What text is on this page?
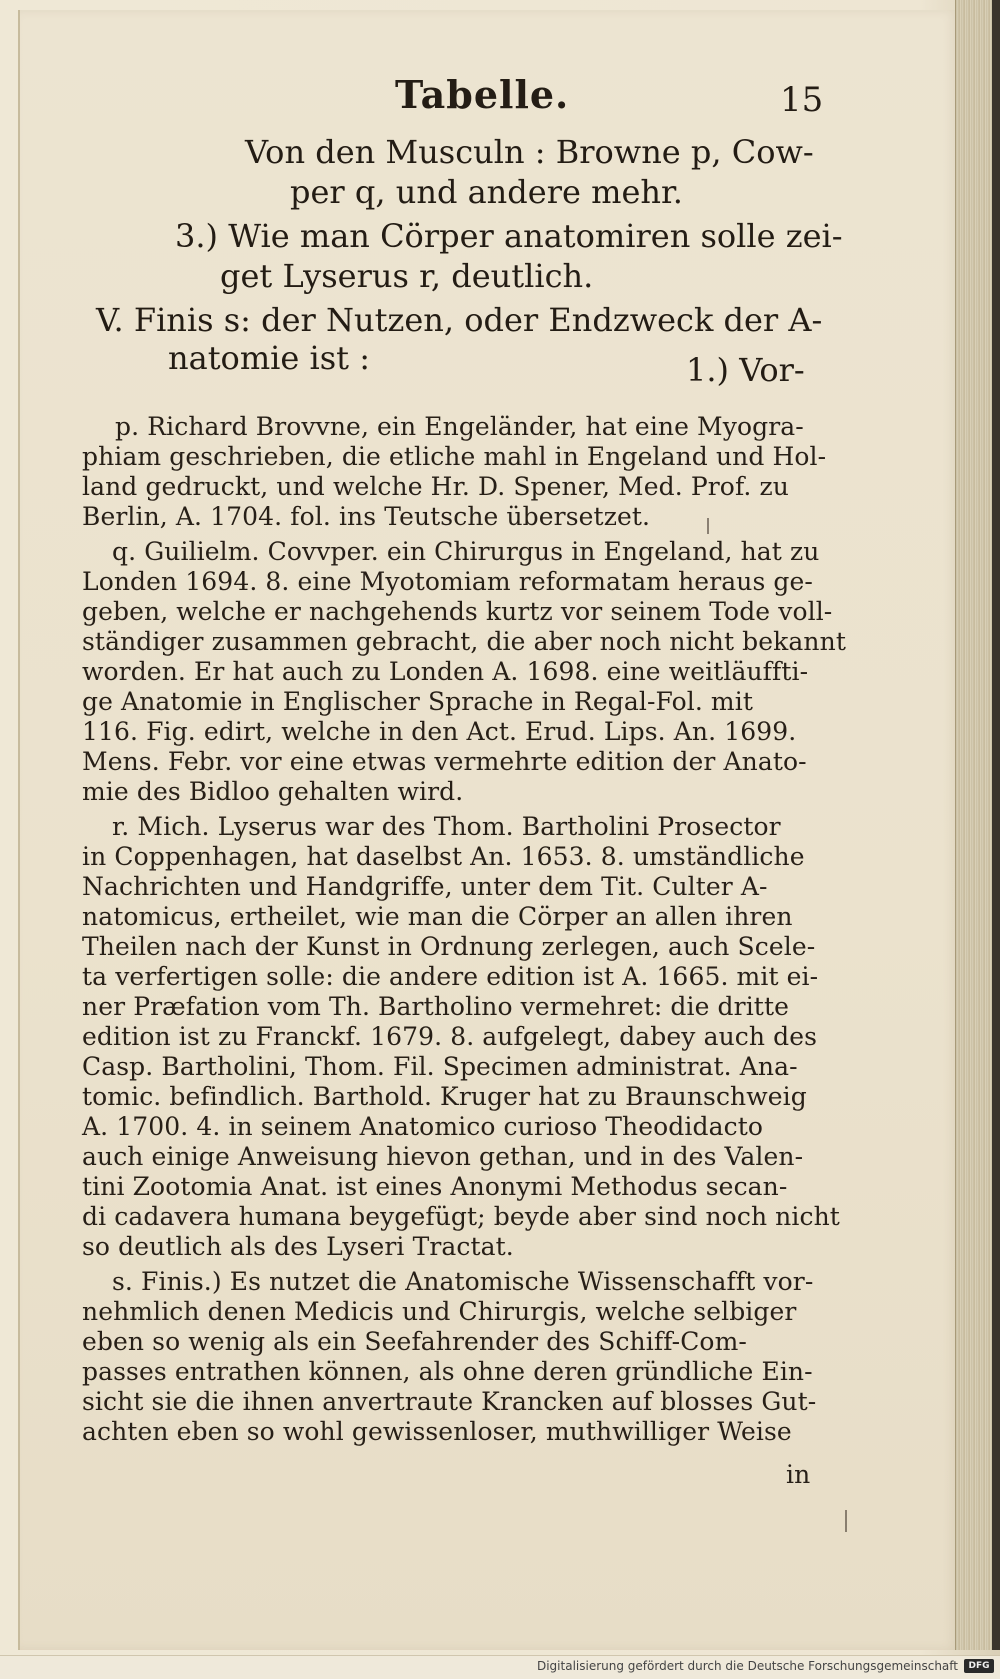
Tabelle.	15
Von den Musculn : Browne p, Cow-
per q, und andere mehr.
3.) Wie man Cörper anatomiren solle zei-
get Lyserus r, deutlich.
V. Finis s: der Nutzen, oder Endzweck der A-
natomie ist :	1.) Vor-
p. Richard Brovvne, ein Engeländer, hat eine Myogra-
phiam geschrieben, die etliche mahl in Engeland und Hol-
land gedruckt, und welche Hr. D. Spener, Med. Prof. zu
Berlin, A. 1704. fol. ins Teutsche übersetzet.
q. Guilielm. Covvper. ein Chirurgus in Engeland, hat zu
Londen 1694. 8. eine Myotomiam reformatam heraus ge-
geben, welche er nachgehends kurtz vor seinem Tode voll-
ständiger zusammen gebracht, die aber noch nicht bekannt
worden. Er hat auch zu Londen A. 1698. eine weitläuffti-
ge Anatomie in Englischer Sprache in Regal-Fol. mit
116. Fig. edirt, welche in den Act. Erud. Lips. An. 1699.
Mens. Febr. vor eine etwas vermehrte edition der Anato-
mie des Bidloo gehalten wird.
r. Mich. Lyserus war des Thom. Bartholini Prosector
in Coppenhagen, hat daselbst An. 1653. 8. umständliche
Nachrichten und Handgriffe, unter dem Tit. Culter A-
natomicus, ertheilet, wie man die Cörper an allen ihren
Theilen nach der Kunst in Ordnung zerlegen, auch Scele-
ta verfertigen solle: die andere edition ist A. 1665. mit ei-
ner Præfation vom Th. Bartholino vermehret: die dritte
edition ist zu Franckf. 1679. 8. aufgelegt, dabey auch des
Casp. Bartholini, Thom. Fil. Specimen administrat. Ana-
tomic. befindlich. Barthold. Kruger hat zu Braunschweig
A. 1700. 4. in seinem Anatomico curioso Theodidacto
auch einige Anweisung hievon gethan, und in des Valen-
tini Zootomia Anat. ist eines Anonymi Methodus secan-
di cadavera humana beygefügt; beyde aber sind noch nicht
so deutlich als des Lyseri Tractat.
s. Finis.) Es nutzet die Anatomische Wissenschafft vor-
nehmlich denen Medicis und Chirurgis, welche selbiger
eben so wenig als ein Seefahrender des Schiff-Com-
passes entrathen können, als ohne deren gründliche Ein-
sicht sie die ihnen anvertraute Krancken auf blosses Gut-
achten eben so wohl gewissenloser, muthwilliger Weise
in
Digitalisierung gefördert durch die Deutsche Forschungsgemeinschaft	DFG
